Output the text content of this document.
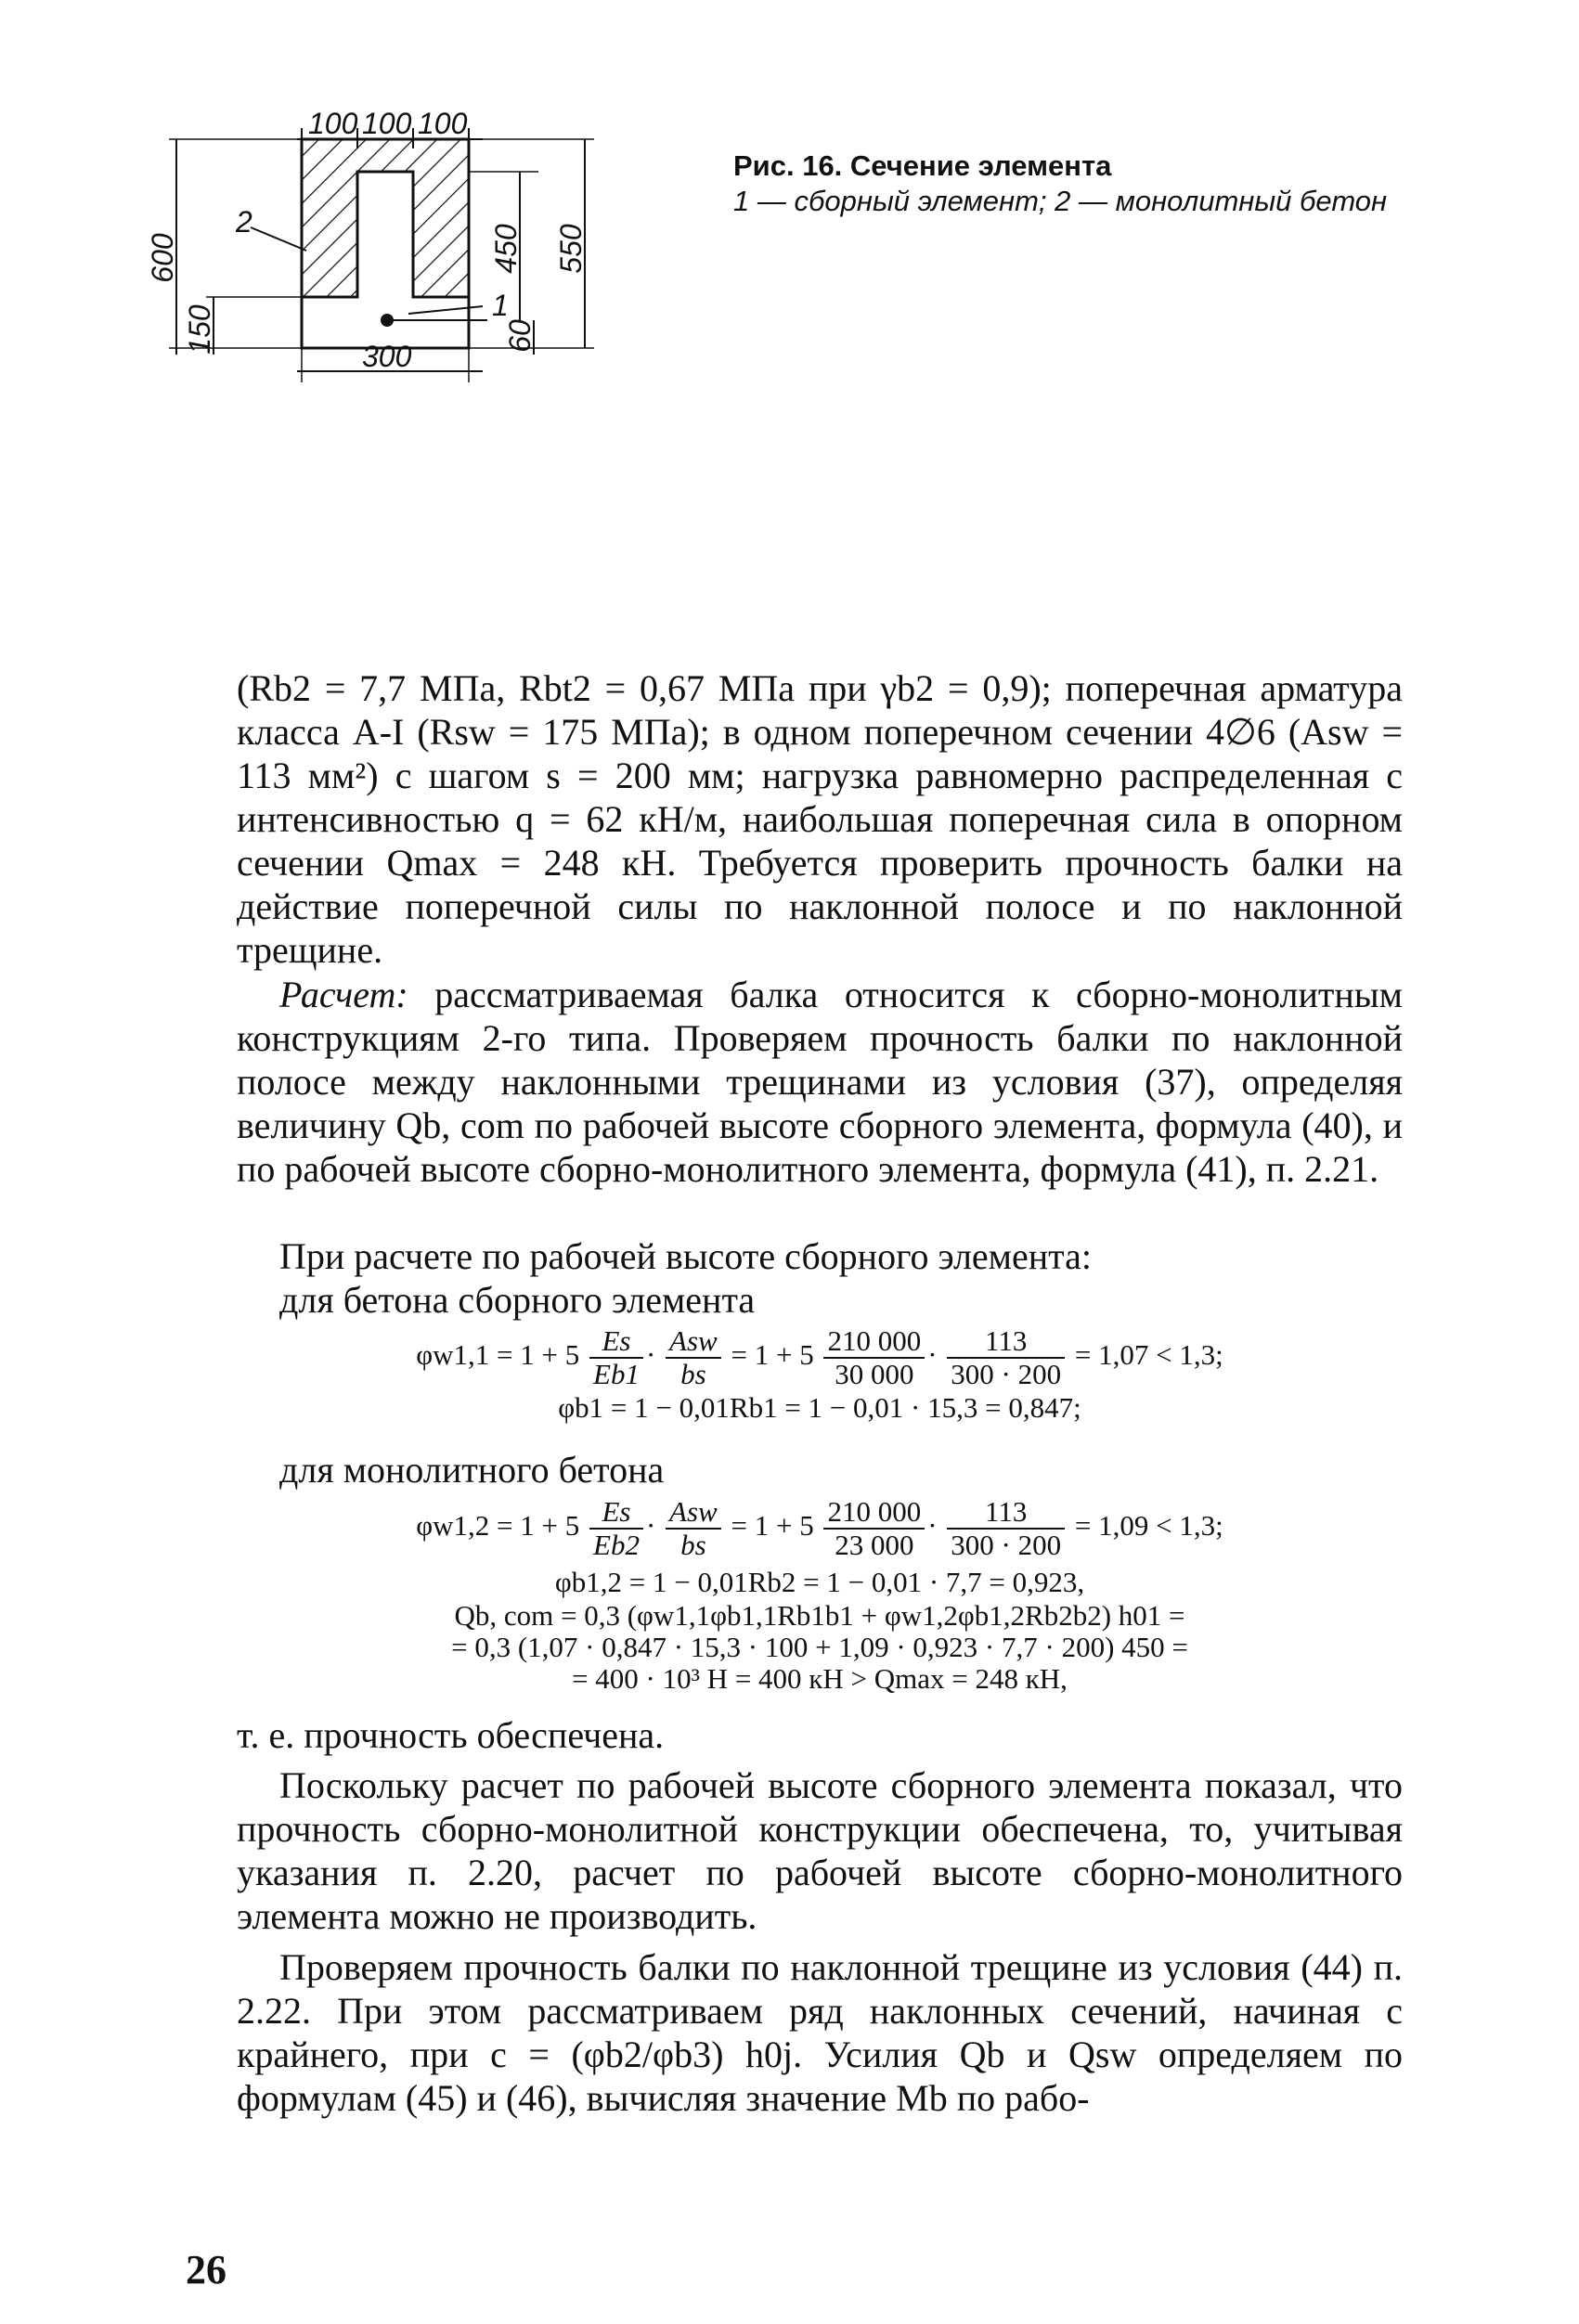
100 100 100
600
150
450 550
60
300
2
1
Рис. 16. Сечение элемента
1 — сборный элемент; 2 — монолитный бетон

(Rb2 = 7,7 МПа, Rbt2 = 0,67 МПа при γb2 = 0,9); поперечная арматура класса A-I (Rsw = 175 МПа); в одном поперечном сечении 4∅6 (Asw = 113 мм²) с шагом s = 200 мм; нагрузка равномерно распределенная с интенсивностью q = 62 кН/м, наибольшая поперечная сила в опорном сечении Qmax = 248 кН. Требуется проверить прочность балки на действие поперечной силы по наклонной полосе и по наклонной трещине.

Расчет: рассматриваемая балка относится к сборно-монолитным конструкциям 2-го типа. Проверяем прочность балки по наклонной полосе между наклонными трещинами из условия (37), определяя величину Qb, com по рабочей высоте сборного элемента, формула (40), и по рабочей высоте сборно-монолитного элемента, формула (41), п. 2.21.

При расчете по рабочей высоте сборного элемента:
для бетона сборного элемента
$\varphi w1,1 = 1 + 5 \frac{Es}{Eb1} \cdot \frac{\text{Asw}}{bs} = 1 + 5 \frac{210 000}{30 000} \cdot \frac{113}{300 \cdot 200} = 1,07 < 1,3$;
φb1 = 1 − 0,01Rb1 = 1 − 0,01 · 15,3 = 0,847;
для монолитного бетона
$\varphi w1,2 = 1 + 5 \frac{Es}{Eb2} \cdot \frac{\text{Asw}}{bs} = 1 + 5 \frac{210 000}{23 000} \cdot \frac{113}{300 \cdot 200} = 1,09 < 1,3$;
φb1,2 = 1 − 0,01Rb2 = 1 − 0,01 · 7,7 = 0,923,
Qb, com = 0,3 (φw1,1φb1,1Rb1b1 + φw1,2φb1,2Rb2b2) h01 =
= 0,3 (1,07 · 0,847 · 15,3 · 100 + 1,09 · 0,923 · 7,7 · 200) 450 =
= 400 · 10³ Н = 400 кН > Qmax = 248 кН,
т. е. прочность обеспечена.

Поскольку расчет по рабочей высоте сборного элемента показал, что прочность сборно-монолитной конструкции обеспечена, то, учитывая указания п. 2.20, расчет по рабочей высоте сборно-монолитного элемента можно не производить.

Проверяем прочность балки по наклонной трещине из условия (44) п. 2.22. При этом рассматриваем ряд наклонных сечений, начиная с крайнего, при c = (φb2/φb3) h0j. Усилия Qb и Qsw определяем по формулам (45) и (46), вычисляя значение Mb по рабо-

26
